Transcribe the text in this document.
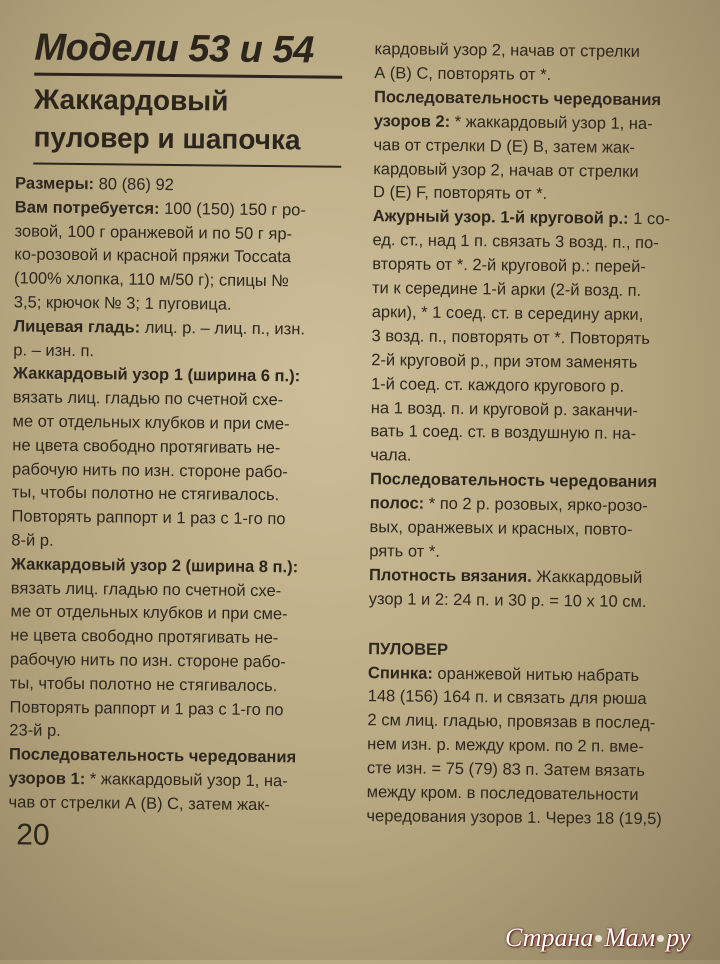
Модели 53 и 54
Жаккардовый
пуловер и шапочка
Размеры: 80 (86) 92
Вам потребуется: 100 (150) 150 г ро-
зовой, 100 г оранжевой и по 50 г яр-
ко-розовой и красной пряжи Toccata
(100% хлопка, 110 м/50 г); спицы №
3,5; крючок № 3; 1 пуговица.
Лицевая гладь: лиц. р. – лиц. п., изн.
р. – изн. п.
Жаккардовый узор 1 (ширина 6 п.):
вязать лиц. гладью по счетной схе-
ме от отдельных клубков и при сме-
не цвета свободно протягивать не-
рабочую нить по изн. стороне рабо-
ты, чтобы полотно не стягивалось.
Повторять раппорт и 1 раз с 1-го по
8-й р.
Жаккардовый узор 2 (ширина 8 п.):
вязать лиц. гладью по счетной схе-
ме от отдельных клубков и при сме-
не цвета свободно протягивать не-
рабочую нить по изн. стороне рабо-
ты, чтобы полотно не стягивалось.
Повторять раппорт и 1 раз с 1-го по
23-й р.
Последовательность чередования
узоров 1: * жаккардовый узор 1, на-
чав от стрелки А (В) С, затем жак-
кардовый узор 2, начав от стрелки
А (В) С, повторять от *.
Последовательность чередования
узоров 2: * жаккардовый узор 1, на-
чав от стрелки D (E) B, затем жак-
кардовый узор 2, начав от стрелки
D (E) F, повторять от *.
Ажурный узор. 1-й круговой р.: 1 со-
ед. ст., над 1 п. связать 3 возд. п., по-
вторять от *. 2-й круговой р.: перей-
ти к середине 1-й арки (2-й возд. п.
арки), * 1 соед. ст. в середину арки,
3 возд. п., повторять от *. Повторять
2-й круговой р., при этом заменять
1-й соед. ст. каждого кругового р.
на 1 возд. п. и круговой р. заканчи-
вать 1 соед. ст. в воздушную п. на-
чала.
Последовательность чередования
полос: * по 2 р. розовых, ярко-розо-
вых, оранжевых и красных, повто-
рять от *.
Плотность вязания. Жаккардовый
узор 1 и 2: 24 п. и 30 р. = 10 х 10 см.
ПУЛОВЕР
Спинка: оранжевой нитью набрать
148 (156) 164 п. и связать для рюша
2 см лиц. гладью, провязав в послед-
нем изн. р. между кром. по 2 п. вме-
сте изн. = 75 (79) 83 п. Затем вязать
между кром. в последовательности
чередования узоров 1. Через 18 (19,5)
20
Страна Мам ру
